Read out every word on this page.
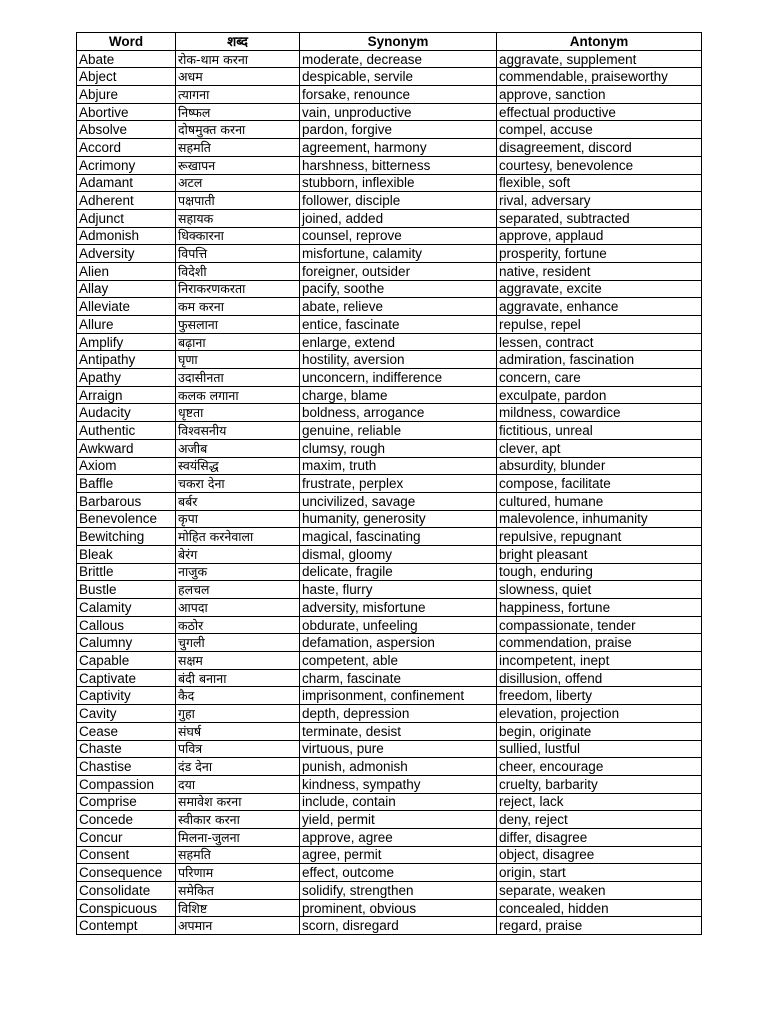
Word	शब्द	Synonym	Antonym
Abate	रोक-थाम करना	moderate, decrease	aggravate, supplement
Abject	अधम	despicable, servile	commendable, praiseworthy
Abjure	त्यागना	forsake, renounce	approve, sanction
Abortive	निष्फल	vain, unproductive	effectual productive
Absolve	दोषमुक्त करना	pardon, forgive	compel, accuse
Accord	सहमति	agreement, harmony	disagreement, discord
Acrimony	रूखापन	harshness, bitterness	courtesy, benevolence
Adamant	अटल	stubborn, inflexible	flexible, soft
Adherent	पक्षपाती	follower, disciple	rival, adversary
Adjunct	सहायक	joined, added	separated, subtracted
Admonish	धिक्कारना	counsel, reprove	approve, applaud
Adversity	विपत्ति	misfortune, calamity	prosperity, fortune
Alien	विदेशी	foreigner, outsider	native, resident
Allay	निराकरणकरता	pacify, soothe	aggravate, excite
Alleviate	कम करना	abate, relieve	aggravate, enhance
Allure	फुसलाना	entice, fascinate	repulse, repel
Amplify	बढ़ाना	enlarge, extend	lessen, contract
Antipathy	घृणा	hostility, aversion	admiration, fascination
Apathy	उदासीनता	unconcern, indifference	concern, care
Arraign	कलक लगाना	charge, blame	exculpate, pardon
Audacity	धृष्टता	boldness, arrogance	mildness, cowardice
Authentic	विश्वसनीय	genuine, reliable	fictitious, unreal
Awkward	अजीब	clumsy, rough	clever, apt
Axiom	स्वयंसिद्ध	maxim, truth	absurdity, blunder
Baffle	चकरा देना	frustrate, perplex	compose, facilitate
Barbarous	बर्बर	uncivilized, savage	cultured, humane
Benevolence	कृपा	humanity, generosity	malevolence, inhumanity
Bewitching	मोहित करनेवाला	magical, fascinating	repulsive, repugnant
Bleak	बेरंग	dismal, gloomy	bright pleasant
Brittle	नाजुक	delicate, fragile	tough, enduring
Bustle	हलचल	haste, flurry	slowness, quiet
Calamity	आपदा	adversity, misfortune	happiness, fortune
Callous	कठोर	obdurate, unfeeling	compassionate, tender
Calumny	चुगली	defamation, aspersion	commendation, praise
Capable	सक्षम	competent, able	incompetent, inept
Captivate	बंदी बनाना	charm, fascinate	disillusion, offend
Captivity	कैद	imprisonment, confinement	freedom, liberty
Cavity	गुहा	depth, depression	elevation, projection
Cease	संघर्ष	terminate, desist	begin, originate
Chaste	पवित्र	virtuous, pure	sullied, lustful
Chastise	दंड देना	punish, admonish	cheer, encourage
Compassion	दया	kindness, sympathy	cruelty, barbarity
Comprise	समावेश करना	include, contain	reject, lack
Concede	स्वीकार करना	yield, permit	deny, reject
Concur	मिलना-जुलना	approve, agree	differ, disagree
Consent	सहमति	agree, permit	object, disagree
Consequence	परिणाम	effect, outcome	origin, start
Consolidate	समेकित	solidify, strengthen	separate, weaken
Conspicuous	विशिष्ट	prominent, obvious	concealed, hidden
Contempt	अपमान	scorn, disregard	regard, praise
